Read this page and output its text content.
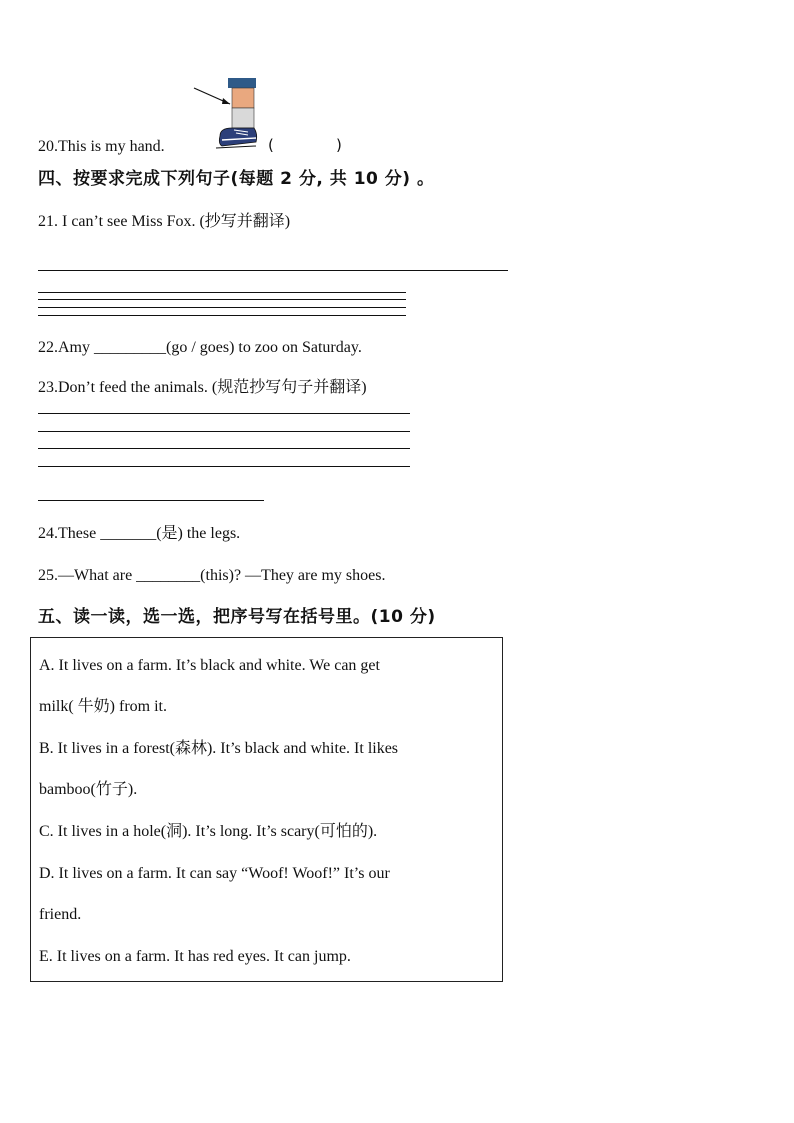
20.This is my hand.	(	)
四、按要求完成下列句子(每题 2 分, 共 10 分) 。
21. I can’t see Miss Fox. (抄写并翻译)
22.Amy _________(go / goes) to zoo on Saturday.
23.Don’t feed the animals. (规范抄写句子并翻译)
24.These _______(是) the legs.
25.—What are ________(this)? —They are my shoes.
五、读一读，选一选，把序号写在括号里。(10 分)
A. It lives on a farm. It’s black and white. We can get
milk( 牛奶) from it.
B. It lives in a forest(森林). It’s black and white. It likes
bamboo(竹子).
C. It lives in a hole(洞). It’s long. It’s scary(可怕的).
D. It lives on a farm. It can say “Woof! Woof!” It’s our
friend.
E. It lives on a farm. It has red eyes. It can jump.
